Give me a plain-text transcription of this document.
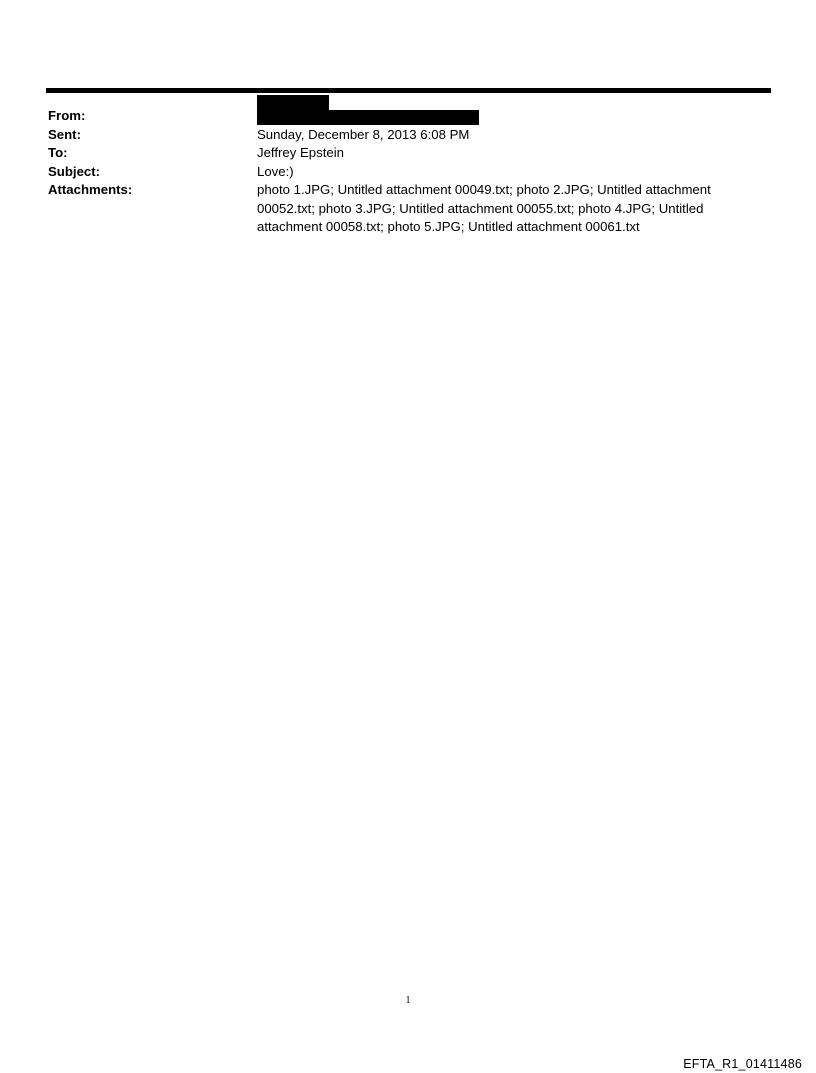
From:
Sent:	Sunday, December 8, 2013 6:08 PM
To:	Jeffrey Epstein
Subject:	Love:)
Attachments:	photo 1.JPG; Untitled attachment 00049.txt; photo 2.JPG; Untitled attachment 00052.txt; photo 3.JPG; Untitled attachment 00055.txt; photo 4.JPG; Untitled attachment 00058.txt; photo 5.JPG; Untitled attachment 00061.txt
1
EFTA_R1_01411486
